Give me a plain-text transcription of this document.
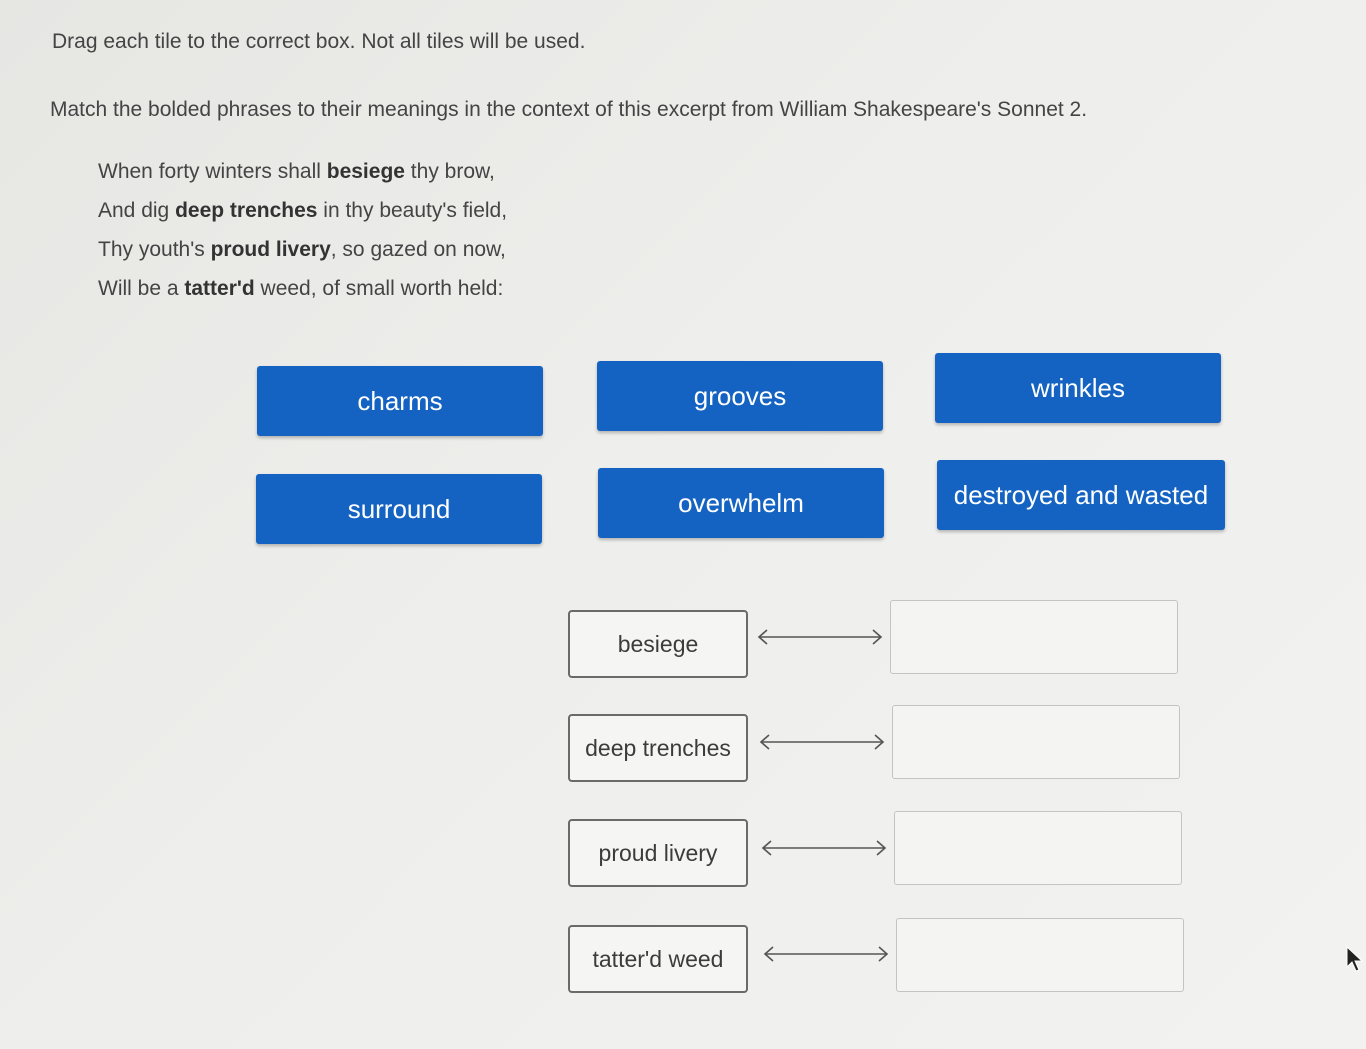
Drag each tile to the correct box. Not all tiles will be used.
Match the bolded phrases to their meanings in the context of this excerpt from William Shakespeare's Sonnet 2.
When forty winters shall besiege thy brow,
And dig deep trenches in thy beauty's field,
Thy youth's proud livery, so gazed on now,
Will be a tatter'd weed, of small worth held:
charms	grooves	wrinkles
surround	overwhelm	destroyed and wasted
besiege
deep trenches
proud livery
tatter'd weed
